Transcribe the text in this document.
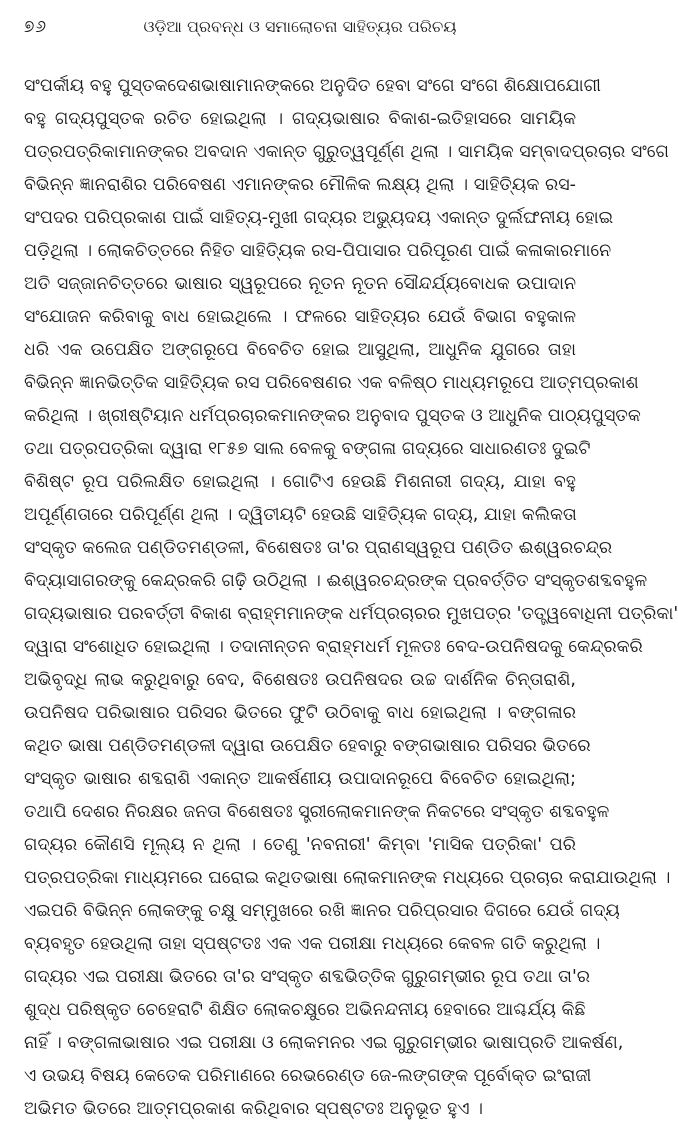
୭୬	ଓଡ଼ିଆ ପ୍ରବନ୍ଧ ଓ ସମାଲୋଚନା ସାହିତ୍ୟର ପରିଚୟ
ସଂପର୍କୀୟ ବହୁ ପୁସ୍ତକଦେଶଭାଷାମାନଙ୍କରେ ଅନୁଦିତ ହେବା ସଂଗେ ସଂଗେ ଶିକ୍ଷୋପଯୋଗୀ
ବହୁ ଗଦ୍ୟପୁସ୍ତକ ରଚିତ ହୋଇଥିଲା । ଗଦ୍ୟଭାଷାର ବିକାଶ-ଇତିହାସରେ ସାମୟିକ
ପତ୍ରପତ୍ରିକାମାନଙ୍କର ଅବଦାନ ଏକାନ୍ତ ଗୁରୁତ୍ୱପୂର୍ଣ୍ଣ ଥିଲା । ସାମୟିକ ସମ୍ବାଦପ୍ରଚାର ସଂଗେ
ବିଭିନ୍ନ ଜ୍ଞାନରାଶିର ପରିବେଷଣ ଏମାନଙ୍କର ମୌଳିକ ଲକ୍ଷ୍ୟ ଥିଲା । ସାହିତ୍ୟିକ ରସ-
ସଂପଦର ପରିପ୍ରକାଶ ପାଇଁ ସାହିତ୍ୟ-ମୁଖୀ ଗଦ୍ୟର ଅଭ୍ୟୁଦୟ ଏକାନ୍ତ ଦୁର୍ଲଙ୍ଘନୀୟ ହୋଇ
ପଡ଼ିଥିଲା । ଲୋକଚିତ୍ତରେ ନିହିତ ସାହିତ୍ୟିକ ରସ-ପିପାସାର ପରିପୂରଣ ପାଇଁ କଳାକାରମାନେ
ଅତି ସଜ୍ଜାନଚିତ୍ତରେ ଭାଷାର ସ୍ୱରୂପରେ ନୂତନ ନୂତନ ସୌନ୍ଦର୍ଯ୍ୟବୋଧକ ଉପାଦାନ
ସଂଯୋଜନ କରିବାକୁ ବାଧ ହୋଇଥିଲେ । ଫଳରେ ସାହିତ୍ୟର ଯେଉଁ ବିଭାଗ ବହୁକାଳ
ଧରି ଏକ ଉପେକ୍ଷିତ ଅଙ୍ଗରୂପେ ବିବେଚିତ ହୋଇ ଆସୁଥିଲା, ଆଧୁନିକ ଯୁଗରେ ତାହା
ବିଭିନ୍ନ ଜ୍ଞାନଭିତ୍ତିକ ସାହିତ୍ୟିକ ରସ ପରିବେଷଣର ଏକ ବଳିଷ୍ଠ ମାଧ୍ୟମରୂପେ ଆତ୍ମପ୍ରକାଶ
କରିଥିଲା । ଖ୍ରୀଷ୍ଟିୟାନ ଧର୍ମପ୍ରଚାରକମାନଙ୍କର ଅନୁବାଦ ପୁସ୍ତକ ଓ ଆଧୁନିକ ପାଠ୍ୟପୁସ୍ତକ
ତଥା ପତ୍ରପତ୍ରିକା ଦ୍ୱାରା ୧୮୫୭ ସାଲ ବେଳକୁ ବଙ୍ଗଳା ଗଦ୍ୟରେ ସାଧାରଣତଃ ଦୁଇଟି
ବିଶିଷ୍ଟ ରୂପ ପରିଲକ୍ଷିତ ହୋଇଥିଲା । ଗୋଟିଏ ହେଉଛି ମିଶନାରୀ ଗଦ୍ୟ, ଯାହା ବହୁ
ଅପୂର୍ଣ୍ଣତାରେ ପରିପୂର୍ଣ୍ଣ ଥିଲା । ଦ୍ୱିତୀୟଟି ହେଉଛି ସାହିତ୍ୟିକ ଗଦ୍ୟ, ଯାହା କଲିକତା
ସଂସ୍କୃତ କଲେଜ ପଣ୍ଡିତମଣ୍ଡଳୀ, ବିଶେଷତଃ ତା'ର ପ୍ରାଣସ୍ୱରୂପ ପଣ୍ଡିତ ଈଶ୍ୱରଚନ୍ଦ୍ର
ବିଦ୍ୟାସାଗରଙ୍କୁ କେନ୍ଦ୍ରକରି ଗଢ଼ି ଉଠିଥିଲା । ଈଶ୍ୱରଚନ୍ଦ୍ରଙ୍କ ପ୍ରବର୍ତ୍ତିତ ସଂସ୍କୃତଶବ୍ଦବହୁଳ
ଗଦ୍ୟଭାଷାର ପରବର୍ତ୍ତୀ ବିକାଶ ବ୍ରାହ୍ମମାନଙ୍କ ଧର୍ମପ୍ରଚାରର ମୁଖପତ୍ର 'ତତ୍ତ୍ୱବୋଧିନୀ ପତ୍ରିକା'
ଦ୍ୱାରା ସଂଶୋଧିତ ହୋଇଥିଲା । ତଦାନୀନ୍ତନ ବ୍ରାହ୍ମଧର୍ମ ମୂଳତଃ ବେଦ-ଉପନିଷଦକୁ କେନ୍ଦ୍ରକରି
ଅଭିବୃଦ୍ଧି ଲାଭ କରୁଥିବାରୁ ବେଦ, ବିଶେଷତଃ ଉପନିଷଦର ଉଚ୍ଚ ଦାର୍ଶନିକ ଚିନ୍ତାରାଶି,
ଉପନିଷଦ ପରିଭାଷାର ପରିସର ଭିତରେ ଫୁଟି ଉଠିବାକୁ ବାଧ ହୋଇଥିଲା । ବଙ୍ଗଳାର
କଥିତ ଭାଷା ପଣ୍ଡିତମଣ୍ଡଳୀ ଦ୍ୱାରା ଉପେକ୍ଷିତ ହେବାରୁ ବଙ୍ଗଭାଷାର ପରିସର ଭିତରେ
ସଂସ୍କୃତ ଭାଷାର ଶବ୍ଦରାଶି ଏକାନ୍ତ ଆକର୍ଷଣୀୟ ଉପାଦାନରୂପେ ବିବେଚିତ ହୋଇଥିଲା;
ତଥାପି ଦେଶର ନିରକ୍ଷର ଜନତା ବିଶେଷତଃ ସ୍ତ୍ରୀଲୋକମାନଙ୍କ ନିକଟରେ ସଂସ୍କୃତ ଶବ୍ଦବହୁଳ
ଗଦ୍ୟର କୌଣସି ମୂଲ୍ୟ ନ ଥିଲା । ତେଣୁ 'ନବନାରୀ' କିମ୍ବା 'ମାସିକ ପତ୍ରିକା' ପରି
ପତ୍ରପତ୍ରିକା ମାଧ୍ୟମରେ ଘରୋଇ କଥିତଭାଷା ଲୋକମାନଙ୍କ ମଧ୍ୟରେ ପ୍ରଚାର କରାଯାଉଥିଲା ।
ଏଇପରି ବିଭିନ୍ନ ଲୋକଙ୍କୁ ଚକ୍ଷୁ ସମ୍ମୁଖରେ ରଖି ଜ୍ଞାନର ପରିପ୍ରସାର ଦିଗରେ ଯେଉଁ ଗଦ୍ୟ
ବ୍ୟବହୃତ ହେଉଥିଲା ତାହା ସ୍ପଷ୍ଟତଃ ଏକ ଏକ ପରୀକ୍ଷା ମଧ୍ୟରେ କେବଳ ଗତି କରୁଥିଲା ।
ଗଦ୍ୟର ଏଇ ପରୀକ୍ଷା ଭିତରେ ତା'ର ସଂସ୍କୃତ ଶବ୍ଦଭିତ୍ତିକ ଗୁରୁଗମ୍ଭୀର ରୂପ ତଥା ତା'ର
ଶୁଦ୍ଧ ପରିଷ୍କୃତ ଚେହେରାଟି ଶିକ୍ଷିତ ଲୋକଚକ୍ଷୁରେ ଅଭିନନ୍ଦନୀୟ ହେବାରେ ଆଶ୍ଚର୍ଯ୍ୟ କିଛି
ନାହିଁ । ବଙ୍ଗଳାଭାଷାର ଏଇ ପରୀକ୍ଷା ଓ ଲୋକମନର ଏଇ ଗୁରୁଗମ୍ଭୀର ଭାଷାପ୍ରତି ଆକର୍ଷଣ,
ଏ ଉଭୟ ବିଷୟ କେତେକ ପରିମାଣରେ ରେଭରେଣ୍ଡ ଜେ-ଲଙ୍ଗଙ୍କ ପୂର୍ବୋକ୍ତ ଇଂରାଜୀ
ଅଭିମତ ଭିତରେ ଆତ୍ମପ୍ରକାଶ କରିଥିବାର ସ୍ପଷ୍ଟତଃ ଅନୁଭୂତ ହୁଏ ।
